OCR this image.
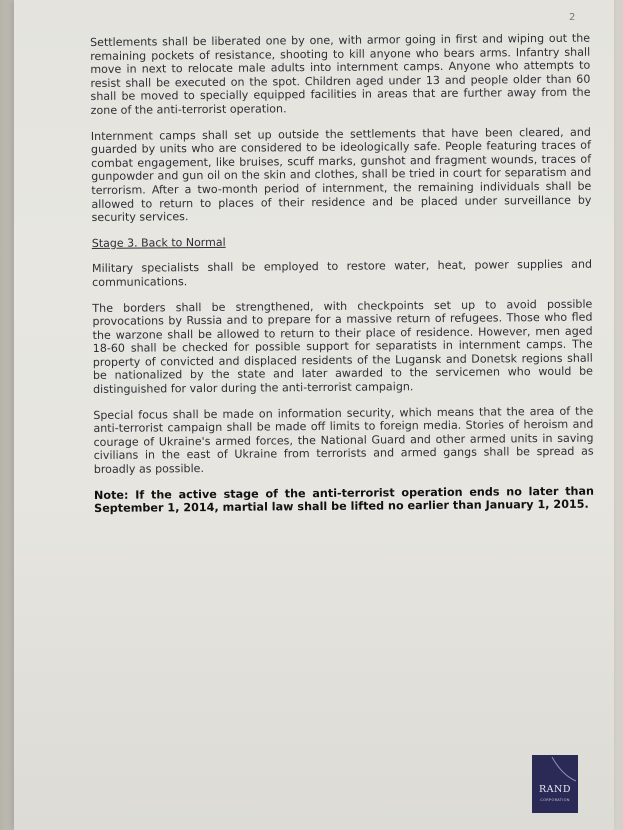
2

Settlements shall be liberated one by one, with armor going in first and wiping out the remaining pockets of resistance, shooting to kill anyone who bears arms. Infantry shall move in next to relocate male adults into internment camps. Anyone who attempts to resist shall be executed on the spot. Children aged under 13 and people older than 60 shall be moved to specially equipped facilities in areas that are further away from the zone of the anti-terrorist operation.

Internment camps shall set up outside the settlements that have been cleared, and guarded by units who are considered to be ideologically safe. People featuring traces of combat engagement, like bruises, scuff marks, gunshot and fragment wounds, traces of gunpowder and gun oil on the skin and clothes, shall be tried in court for separatism and terrorism. After a two-month period of internment, the remaining individuals shall be allowed to return to places of their residence and be placed under surveillance by security services.

Stage 3. Back to Normal

Military specialists shall be employed to restore water, heat, power supplies and communications.

The borders shall be strengthened, with checkpoints set up to avoid possible provocations by Russia and to prepare for a massive return of refugees. Those who fled the warzone shall be allowed to return to their place of residence. However, men aged 18-60 shall be checked for possible support for separatists in internment camps. The property of convicted and displaced residents of the Lugansk and Donetsk regions shall be nationalized by the state and later awarded to the servicemen who would be distinguished for valor during the anti-terrorist campaign.

Special focus shall be made on information security, which means that the area of the anti-terrorist campaign shall be made off limits to foreign media. Stories of heroism and courage of Ukraine's armed forces, the National Guard and other armed units in saving civilians in the east of Ukraine from terrorists and armed gangs shall be spread as broadly as possible.

Note: If the active stage of the anti-terrorist operation ends no later than September 1, 2014, martial law shall be lifted no earlier than January 1, 2015.

RAND
CORPORATION
